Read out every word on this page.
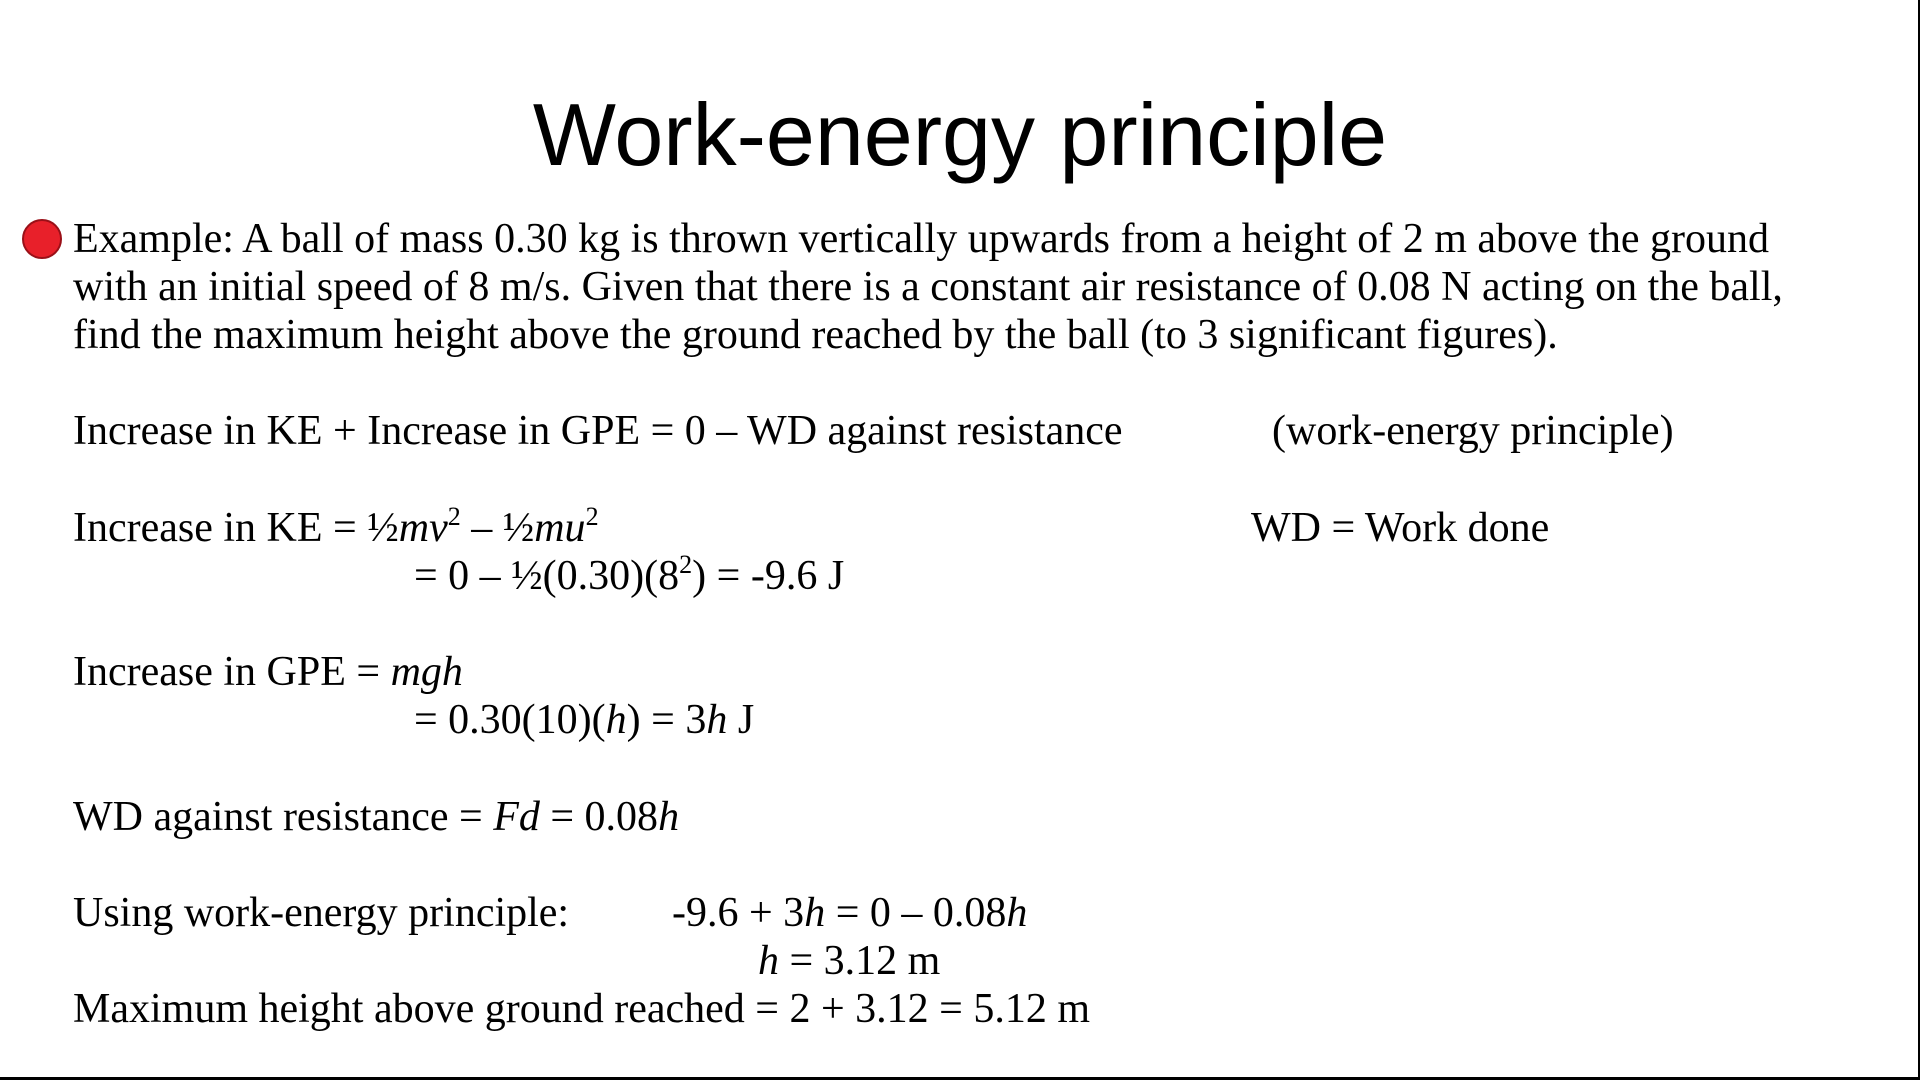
Work-energy principle
Example: A ball of mass 0.30 kg is thrown vertically upwards from a height of 2 m above the ground
with an initial speed of 8 m/s. Given that there is a constant air resistance of 0.08 N acting on the ball,
find the maximum height above the ground reached by the ball (to 3 significant figures).
Increase in KE + Increase in GPE = 0 – WD against resistance	(work-energy principle)
Increase in KE = $\frac{1}{2}mv^2$ – $\frac{1}{2}mu^2$	WD = Work done
= $0 - \frac{1}{2}(0.30)(8^2) = -9.6$ J
Increase in GPE = mgh
= 0.30(10)(h) = 3h J
WD against resistance = Fd = 0.08h
Using work-energy principle: -9.6 + 3h = 0 – 0.08h
h = 3.12 m
Maximum height above ground reached = 2 + 3.12 = 5.12 m
